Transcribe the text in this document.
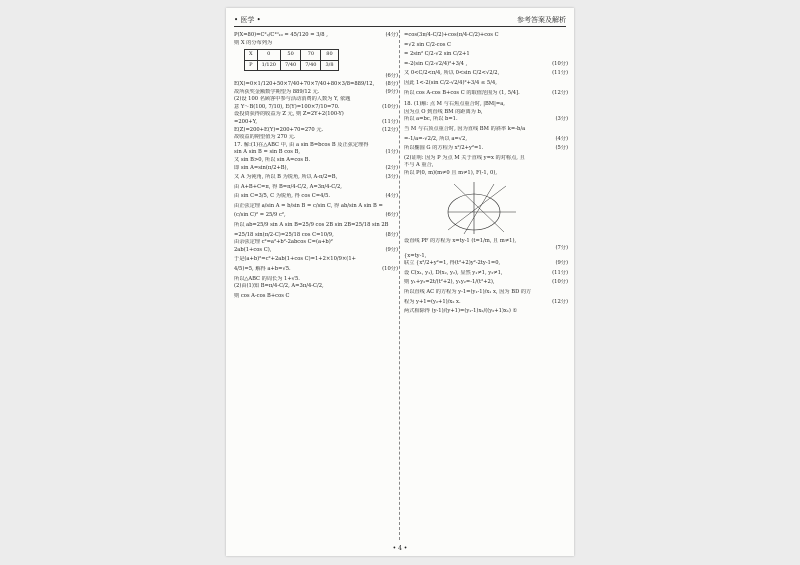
• 医学 •	参考答案及解析
P(X=80)=C²₂/C¹⁰₁₀ = 45/120 = 3/8 ,	(4分)
则 X 的分布列为
X	0	50	70	80
P	1/120	7/40	7/40	3/8
(6分)
E(X)=0×1/120+50×7/40+70×7/40+80×3/8=889/12, (8分)
故所获奖金额数学期望为 889/12 元.	(9分)
(2)设 100 名顾客中参与活动消费的人数为 Y, 依题
意 Y～B(100, 7/10), E(Y)=100×7/10=70.	(10分)
设投资获得的收益为 Z 元, 则 Z=2Y+2(100-Y)
=200+Y,	(11分)
E(Z)=200+E(Y)=200+70=270 元.	(12分)
故收益的期望值为 270 元.
17. 解:(1)在△ABC 中, 由 a sin B=bcos B 及正弦定理得
sin A sin B = sin B cos B,	(1分)
又 sin B>0, 所以 sin A=cos B.
即 sin A=sin(π/2+B),	(2分)
又 A 为钝角, 所以 B 为锐角, 所以 A-π/2=B,	(3分)
由 A+B+C=π, 得 B=π/4-C/2, A=3π/4-C/2,
由 sin C=3/5, C 为锐角, 得 cos C=4/5.	(4分)
由正弦定理 a/sin A = b/sin B = c/sin C, 得 ab/sin A sin B =
(c/sin C)² = 25/9 c²,	(6分)
所以 ab=25/9 sin A sin B=25/9 cos 2B sin 2B=25/18 sin 2B
=25/18 sin(π/2-C)=25/18 cos C=10/9,	(8分)
由余弦定理 c²=a²+b²-2abcos C=(a+b)²
2ab(1+cos C),	(9分)
于是(a+b)²=c²+2ab(1+cos C)=1+2×10/9×(1+
4/5)=5, 解得 a+b=√5.	(10分)
所以△ABC 的周长为 1+√5.
(2)由(1)知 B=π/4-C/2, A=3π/4-C/2,
则 cos A-cos B+cos C
=cos(3π/4-C/2)+cos(π/4-C/2)+cos C
=√2 sin C/2-cos C
= 2sin² C/2-√2 sin C/2+1
=-2(sin C/2-√2/4)²+3/4 ,	(10分)
又 0<C/2<π/4, 所以 0<sin C/2<√2/2,	(11分)
因此 1<-2(sin C/2-√2/4)²+3/4 ≤ 5/4,
所以 cos A-cos B+cos C 的取值范围为 (1, 5/4].	(12分)
18. (1)解: 点 M 与右焦点重合时, |BM|=a,
因为点 O 到直线 BM 的距离为 b,
所以 a=bc, 所以 b=1.	(3分)
当 M 与右顶点重合时, 因为直线 BM 的斜率 k=-b/a
=-1/a=-√2/2, 所以 a=√2,	(4分)
所以椭圆 G 的方程为 x²/2+y²=1.	(5分)
(2)证明: 因为 P 为点 M 关于直线 y=x 的对称点, 且
不与 A 重合,
所以 P(0, m)(m≠0 且 m≠1), F(-1, 0),
设直线 PF 的方程为 x=ty-1 (t=1/m, 且 m≠1),
(7分)
{x=ty-1,
联立 {x²/2+y²=1, 得(t²+2)y²-2ty-1=0,	(9分)
设 C(x₁, y₁), D(x₂, y₂), 显然 y₁≠1, y₂≠1,	(11分)
则 y₁+y₂=2t/(t²+2), y₁y₂=-1/(t²+2),	(10分)
所以直线 AC 的方程为 y-1=(y₁-1)/x₁ x, 因为 BD 的方
程为 y+1=(y₂+1)/x₂ x.	(12分)
两式相除得 (y-1)/(y+1)=(y₁-1)x₂/((y₂+1)x₁) ①
• 4 •
